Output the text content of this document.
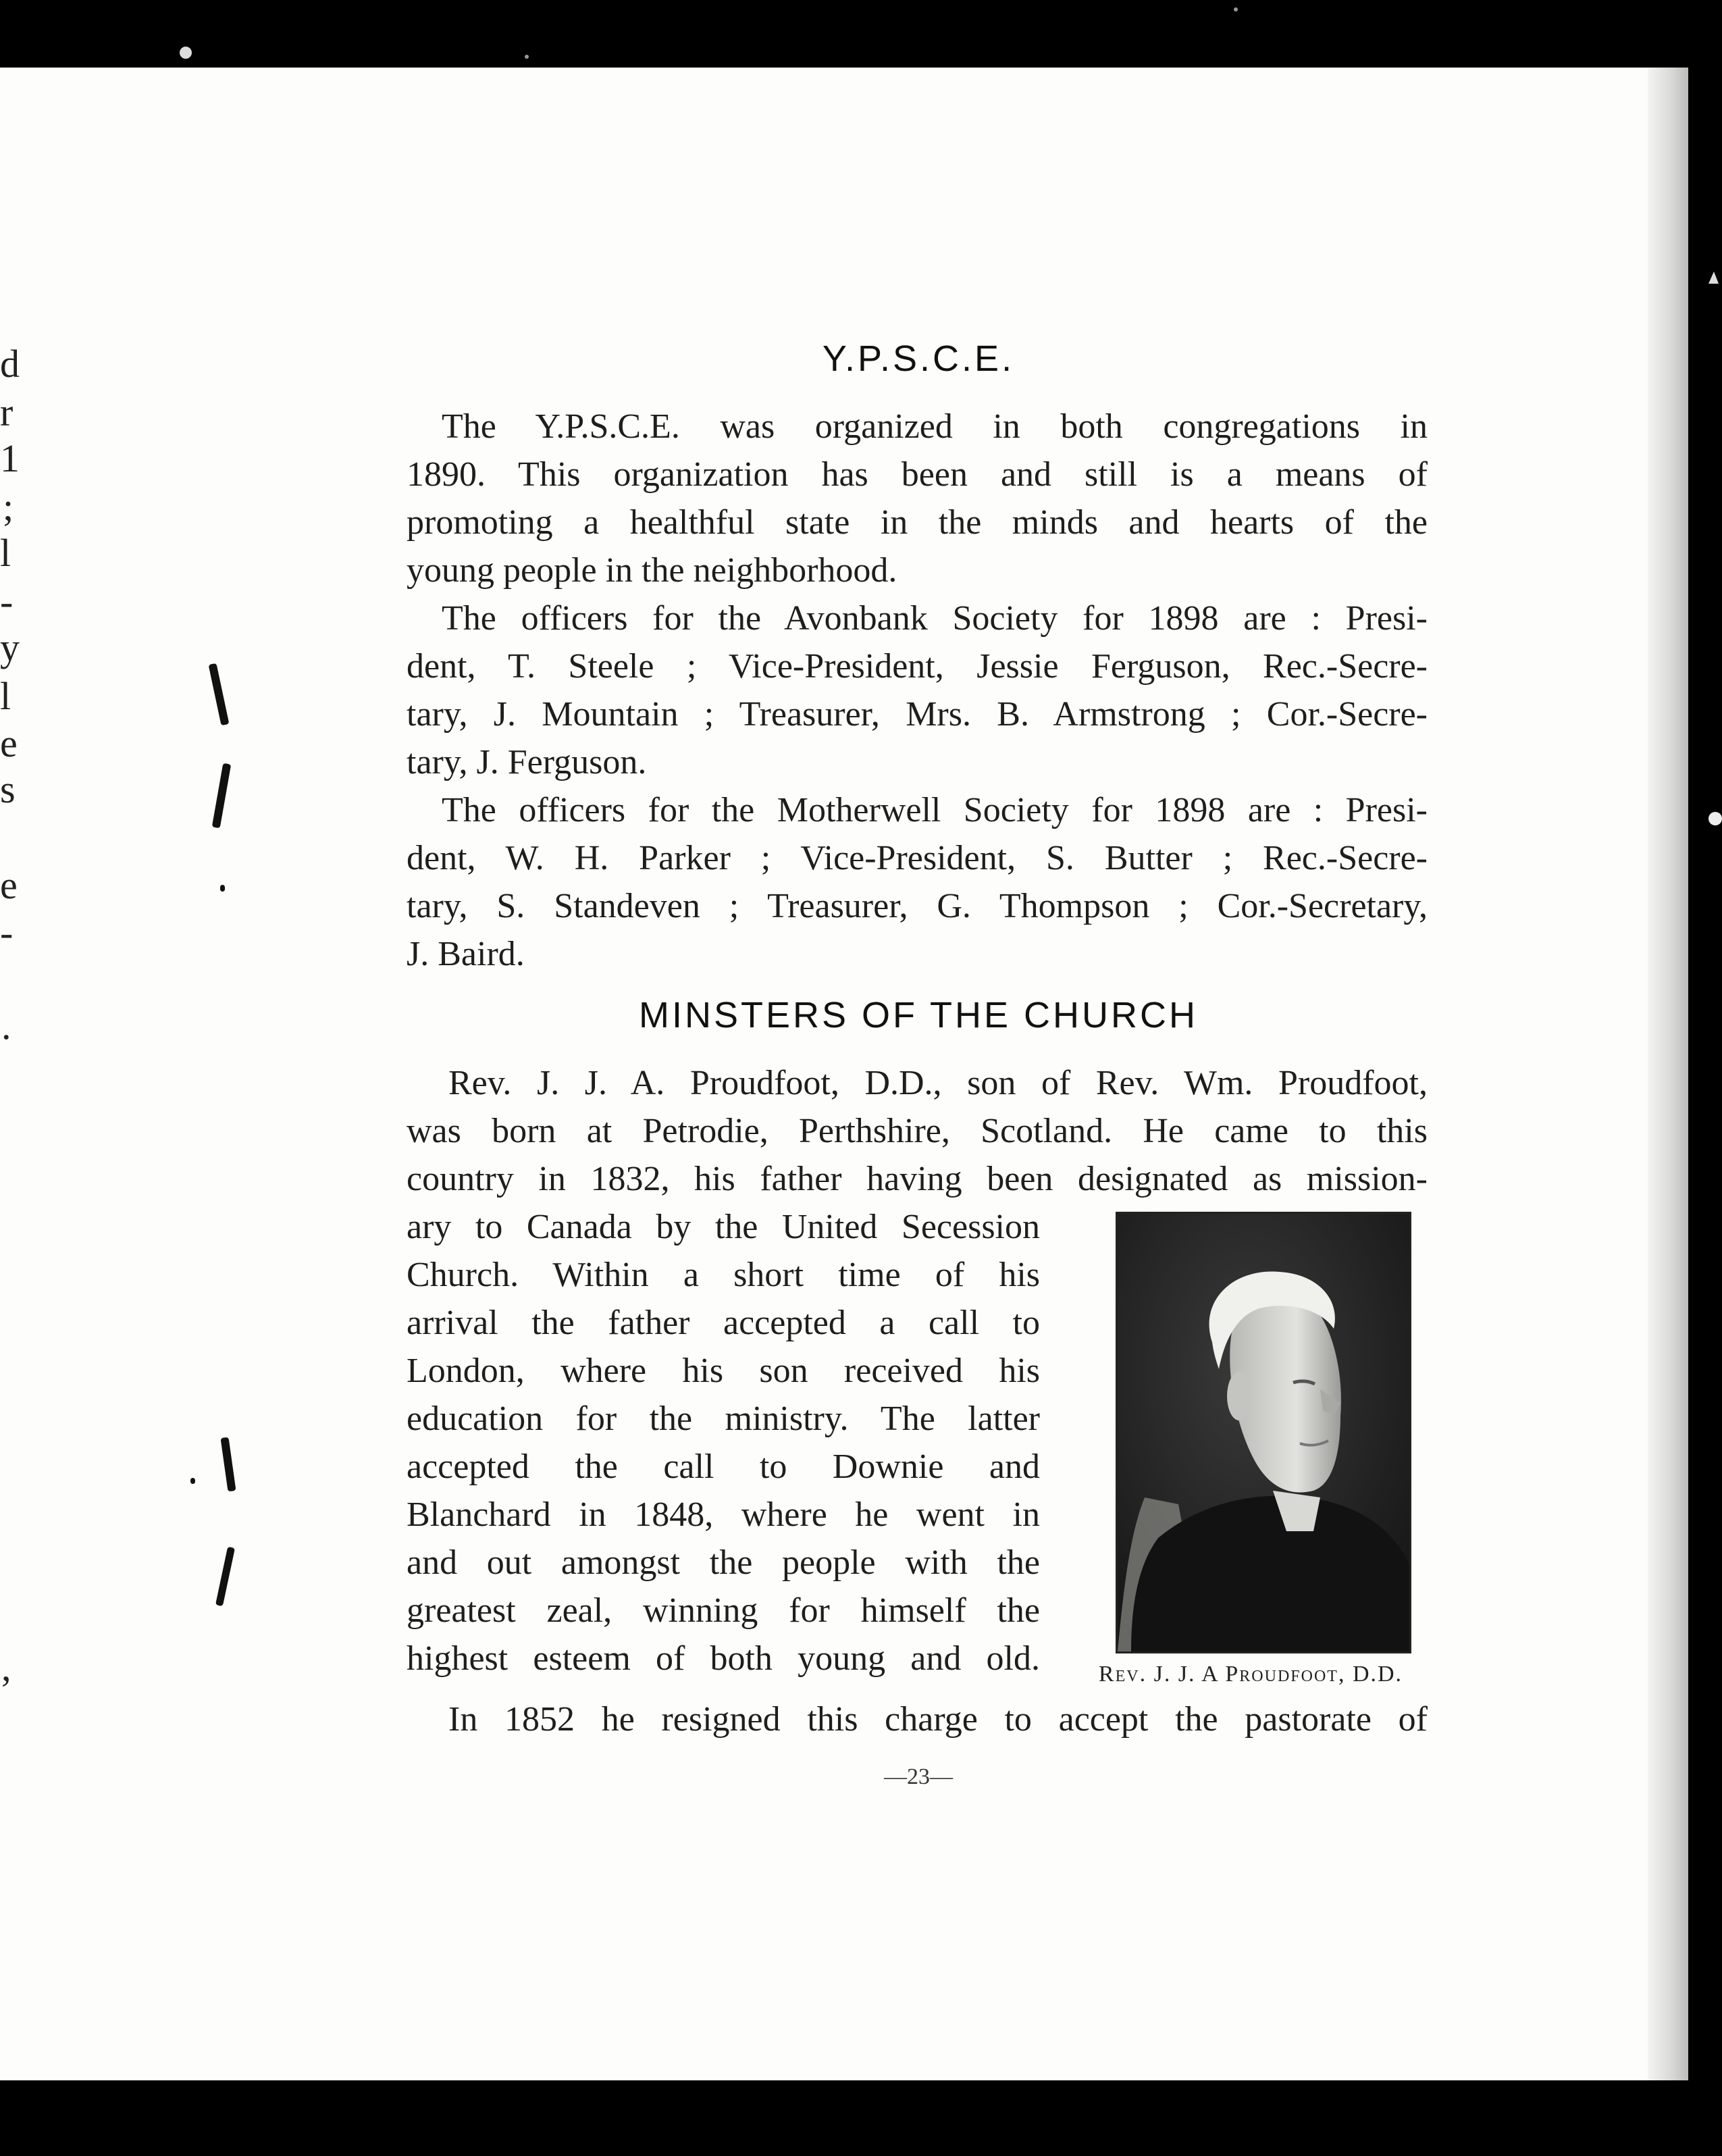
d
r
1
;
l
-
y
l
e
s
e
-
.
,
Y.P.S.C.E.
The Y.P.S.C.E. was organized in both congregations in
1890. This organization has been and still is a means of
promoting a healthful state in the minds and hearts of the
young people in the neighborhood.
The officers for the Avonbank Society for 1898 are : Presi-
dent, T. Steele ; Vice-President, Jessie Ferguson, Rec.-Secre-
tary, J. Mountain ; Treasurer, Mrs. B. Armstrong ; Cor.-Secre-
tary, J. Ferguson.
The officers for the Motherwell Society for 1898 are : Presi-
dent, W. H. Parker ; Vice-President, S. Butter ; Rec.-Secre-
tary, S. Standeven ; Treasurer, G. Thompson ; Cor.-Secretary,
J. Baird.
MINSTERS OF THE CHURCH
Rev. J. J. A. Proudfoot, D.D., son of Rev. Wm. Proudfoot,
was born at Petrodie, Perthshire, Scotland. He came to this
country in 1832, his father having been designated as mission-
ary to Canada by the United Secession
Church. Within a short time of his
arrival the father accepted a call to
London, where his son received his
education for the ministry. The latter
accepted the call to Downie and
Blanchard in 1848, where he went in
and out amongst the people with the
greatest zeal, winning for himself the
highest esteem of both young and old.	Rev. J. J. A Proudfoot, D.D.
In 1852 he resigned this charge to accept the pastorate of
—23—
